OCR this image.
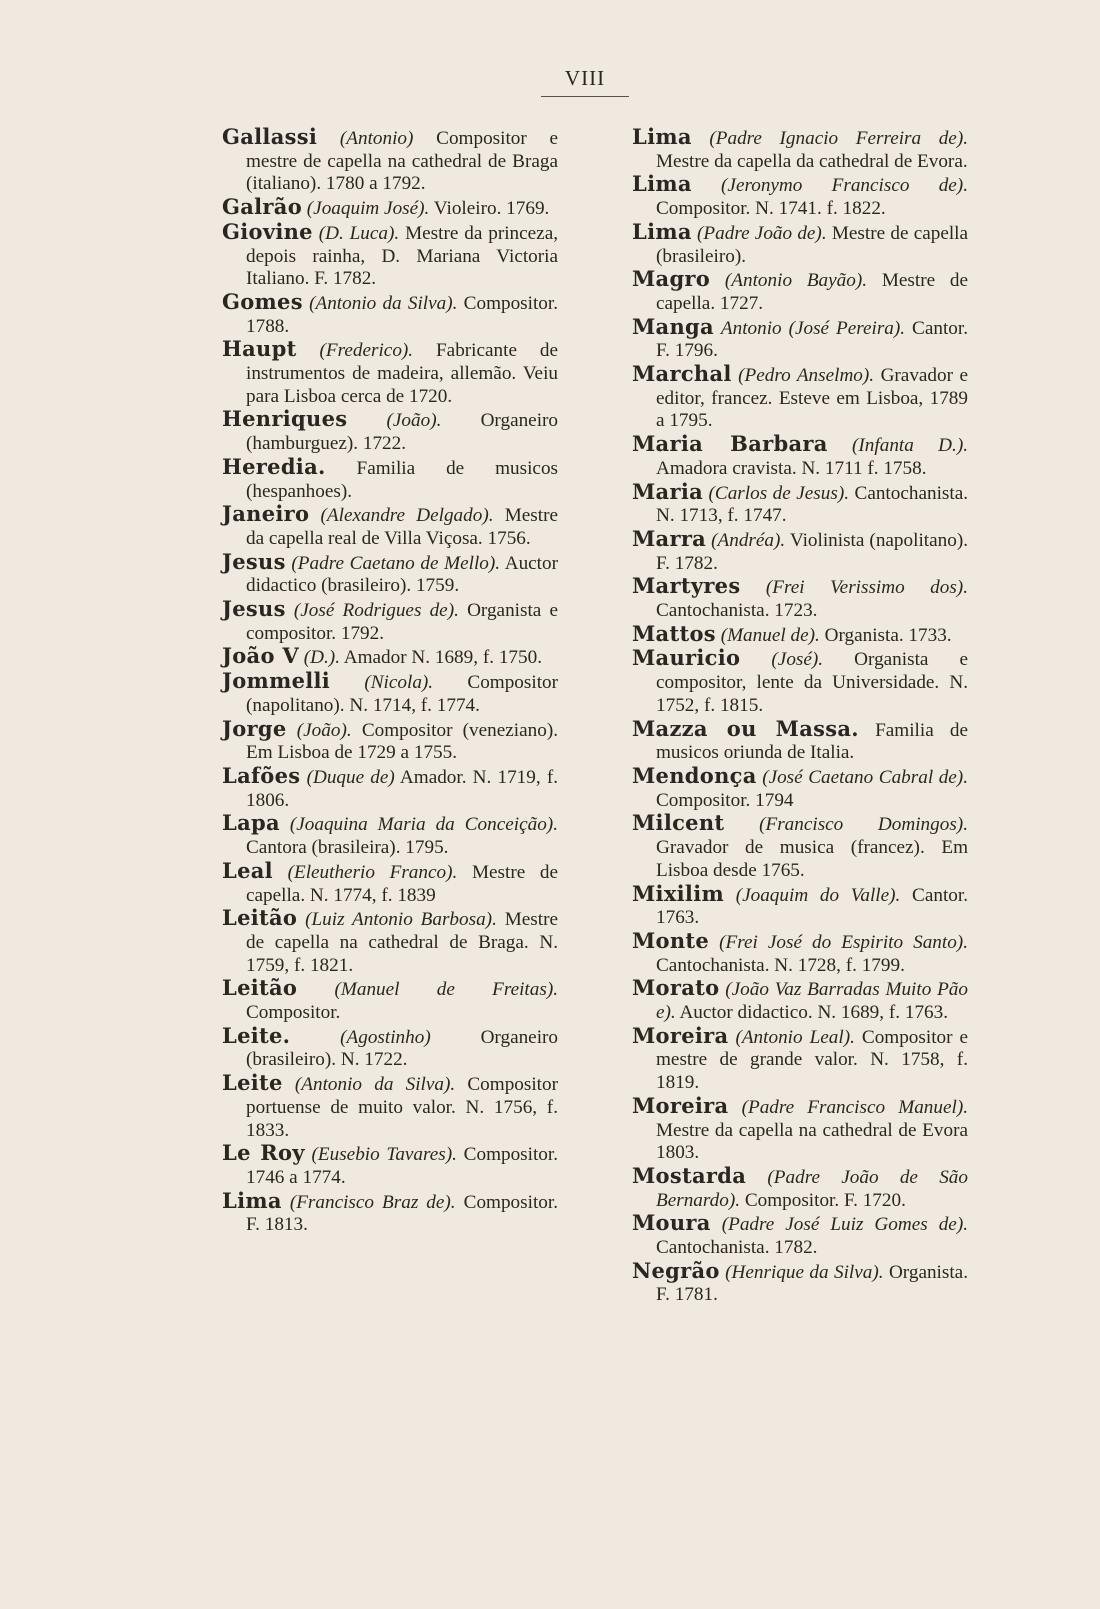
VIII

Gallassi (Antonio) Compositor e mestre de capella na cathedral de Braga (italiano). 1780 a 1792.

Galrão (Joaquim José). Violeiro. 1769.

Giovine (D. Luca). Mestre da princeza, depois rainha, D. Mariana Victoria Italiano. F. 1782.

Gomes (Antonio da Silva). Compositor. 1788.

Haupt (Frederico). Fabricante de instrumentos de madeira, allemão. Veiu para Lisboa cerca de 1720.

Henriques (João). Organeiro (hamburguez). 1722.

Heredia. Familia de musicos (hespanhoes).

Janeiro (Alexandre Delgado). Mestre da capella real de Villa Viçosa. 1756.

Jesus (Padre Caetano de Mello). Auctor didactico (brasileiro). 1759.

Jesus (José Rodrigues de). Organista e compositor. 1792.

João V (D.). Amador N. 1689, f. 1750.

Jommelli (Nicola). Compositor (napolitano). N. 1714, f. 1774.

Jorge (João). Compositor (veneziano). Em Lisboa de 1729 a 1755.

Lafões (Duque de) Amador. N. 1719, f. 1806.

Lapa (Joaquina Maria da Conceição). Cantora (brasileira). 1795.

Leal (Eleutherio Franco). Mestre de capella. N. 1774, f. 1839

Leitão (Luiz Antonio Barbosa). Mestre de capella na cathedral de Braga. N. 1759, f. 1821.

Leitão (Manuel de Freitas). Compositor.

Leite.	(Agostinho)	Organeiro (brasileiro). N. 1722.

Leite (Antonio da Silva). Compositor portuense de muito valor. N. 1756, f. 1833.

Le Roy (Eusebio Tavares). Compositor. 1746 a 1774.

Lima (Francisco Braz de). Compositor. F. 1813.

Lima (Padre Ignacio Ferreira de). Mestre da capella da cathedral de Evora.

Lima (Jeronymo Francisco de). Compositor. N. 1741. f. 1822.

Lima (Padre João de). Mestre de capella (brasileiro).

Magro (Antonio Bayão). Mestre de capella. 1727.

Manga Antonio (José Pereira). Cantor. F. 1796.

Marchal (Pedro Anselmo). Gravador e editor, francez. Esteve em Lisboa, 1789 a 1795.

Maria Barbara (Infanta D.). Amadora cravista. N. 1711 f. 1758.

Maria (Carlos de Jesus). Cantochanista. N. 1713, f. 1747.

Marra (Andréa). Violinista (napolitano). F. 1782.

Martyres (Frei Verissimo dos). Cantochanista. 1723.

Mattos (Manuel de). Organista. 1733.

Mauricio (José). Organista e compositor, lente da Universidade. N. 1752, f. 1815.

Mazza ou Massa. Familia de musicos oriunda de Italia.

Mendonça (José Caetano Cabral de). Compositor. 1794

Milcent (Francisco Domingos). Gravador de musica (francez). Em Lisboa desde 1765.

Mixilim (Joaquim do Valle). Cantor. 1763.

Monte (Frei José do Espirito Santo). Cantochanista. N. 1728, f. 1799.

Morato (João Vaz Barradas Muito Pão e). Auctor didactico. N. 1689, f. 1763.

Moreira (Antonio Leal). Compositor e mestre de grande valor. N. 1758, f. 1819.

Moreira (Padre Francisco Manuel). Mestre da capella na cathedral de Evora 1803.

Mostarda (Padre João de São Bernardo). Compositor. F. 1720.

Moura (Padre José Luiz Gomes de). Cantochanista. 1782.

Negrão (Henrique da Silva). Organista. F. 1781.
